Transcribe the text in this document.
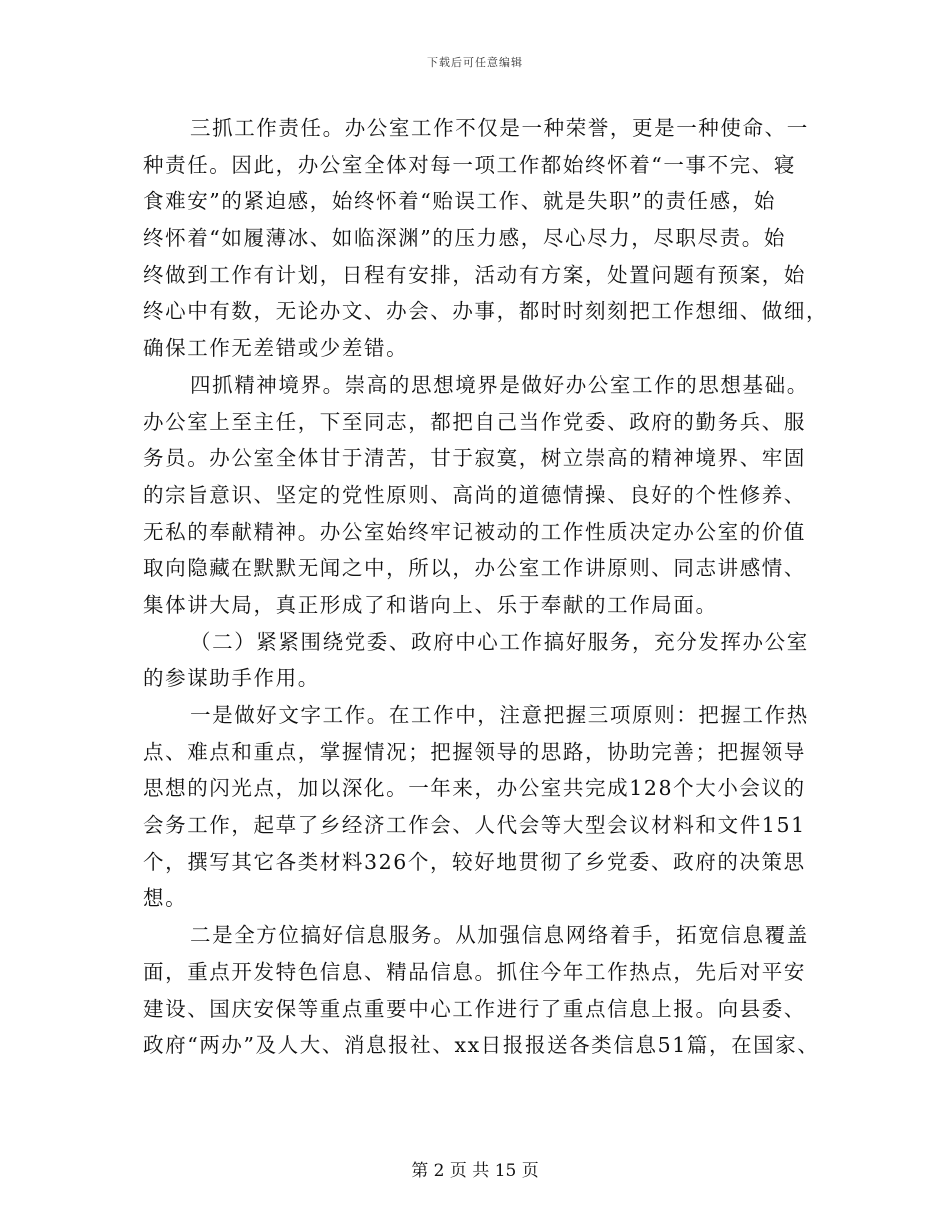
下载后可任意编辑
三抓工作责任。办公室工作不仅是一种荣誉，更是一种使命、一
种责任。因此，办公室全体对每一项工作都始终怀着“一事不完、寝
食难安”的紧迫感，始终怀着“贻误工作、就是失职”的责任感，始
终怀着“如履薄冰、如临深渊”的压力感，尽心尽力，尽职尽责。始
终做到工作有计划，日程有安排，活动有方案，处置问题有预案，始
终心中有数，无论办文、办会、办事，都时时刻刻把工作想细、做细，
确保工作无差错或少差错。
四抓精神境界。崇高的思想境界是做好办公室工作的思想基础。
办公室上至主任，下至同志，都把自己当作党委、政府的勤务兵、服
务员。办公室全体甘于清苦，甘于寂寞，树立崇高的精神境界、牢固
的宗旨意识、坚定的党性原则、高尚的道德情操、良好的个性修养、
无私的奉献精神。办公室始终牢记被动的工作性质决定办公室的价值
取向隐藏在默默无闻之中，所以，办公室工作讲原则、同志讲感情、
集体讲大局，真正形成了和谐向上、乐于奉献的工作局面。
（二）紧紧围绕党委、政府中心工作搞好服务，充分发挥办公室
的参谋助手作用。
一是做好文字工作。在工作中，注意把握三项原则：把握工作热
点、难点和重点，掌握情况；把握领导的思路，协助完善；把握领导
思想的闪光点，加以深化。一年来，办公室共完成128个大小会议的
会务工作，起草了乡经济工作会、人代会等大型会议材料和文件151
个，撰写其它各类材料326个，较好地贯彻了乡党委、政府的决策思
想。
二是全方位搞好信息服务。从加强信息网络着手，拓宽信息覆盖
面，重点开发特色信息、精品信息。抓住今年工作热点，先后对平安
建设、国庆安保等重点重要中心工作进行了重点信息上报。向县委、
政府“两办”及人大、消息报社、xx日报报送各类信息51篇，在国家、
第 2 页 共 15 页
